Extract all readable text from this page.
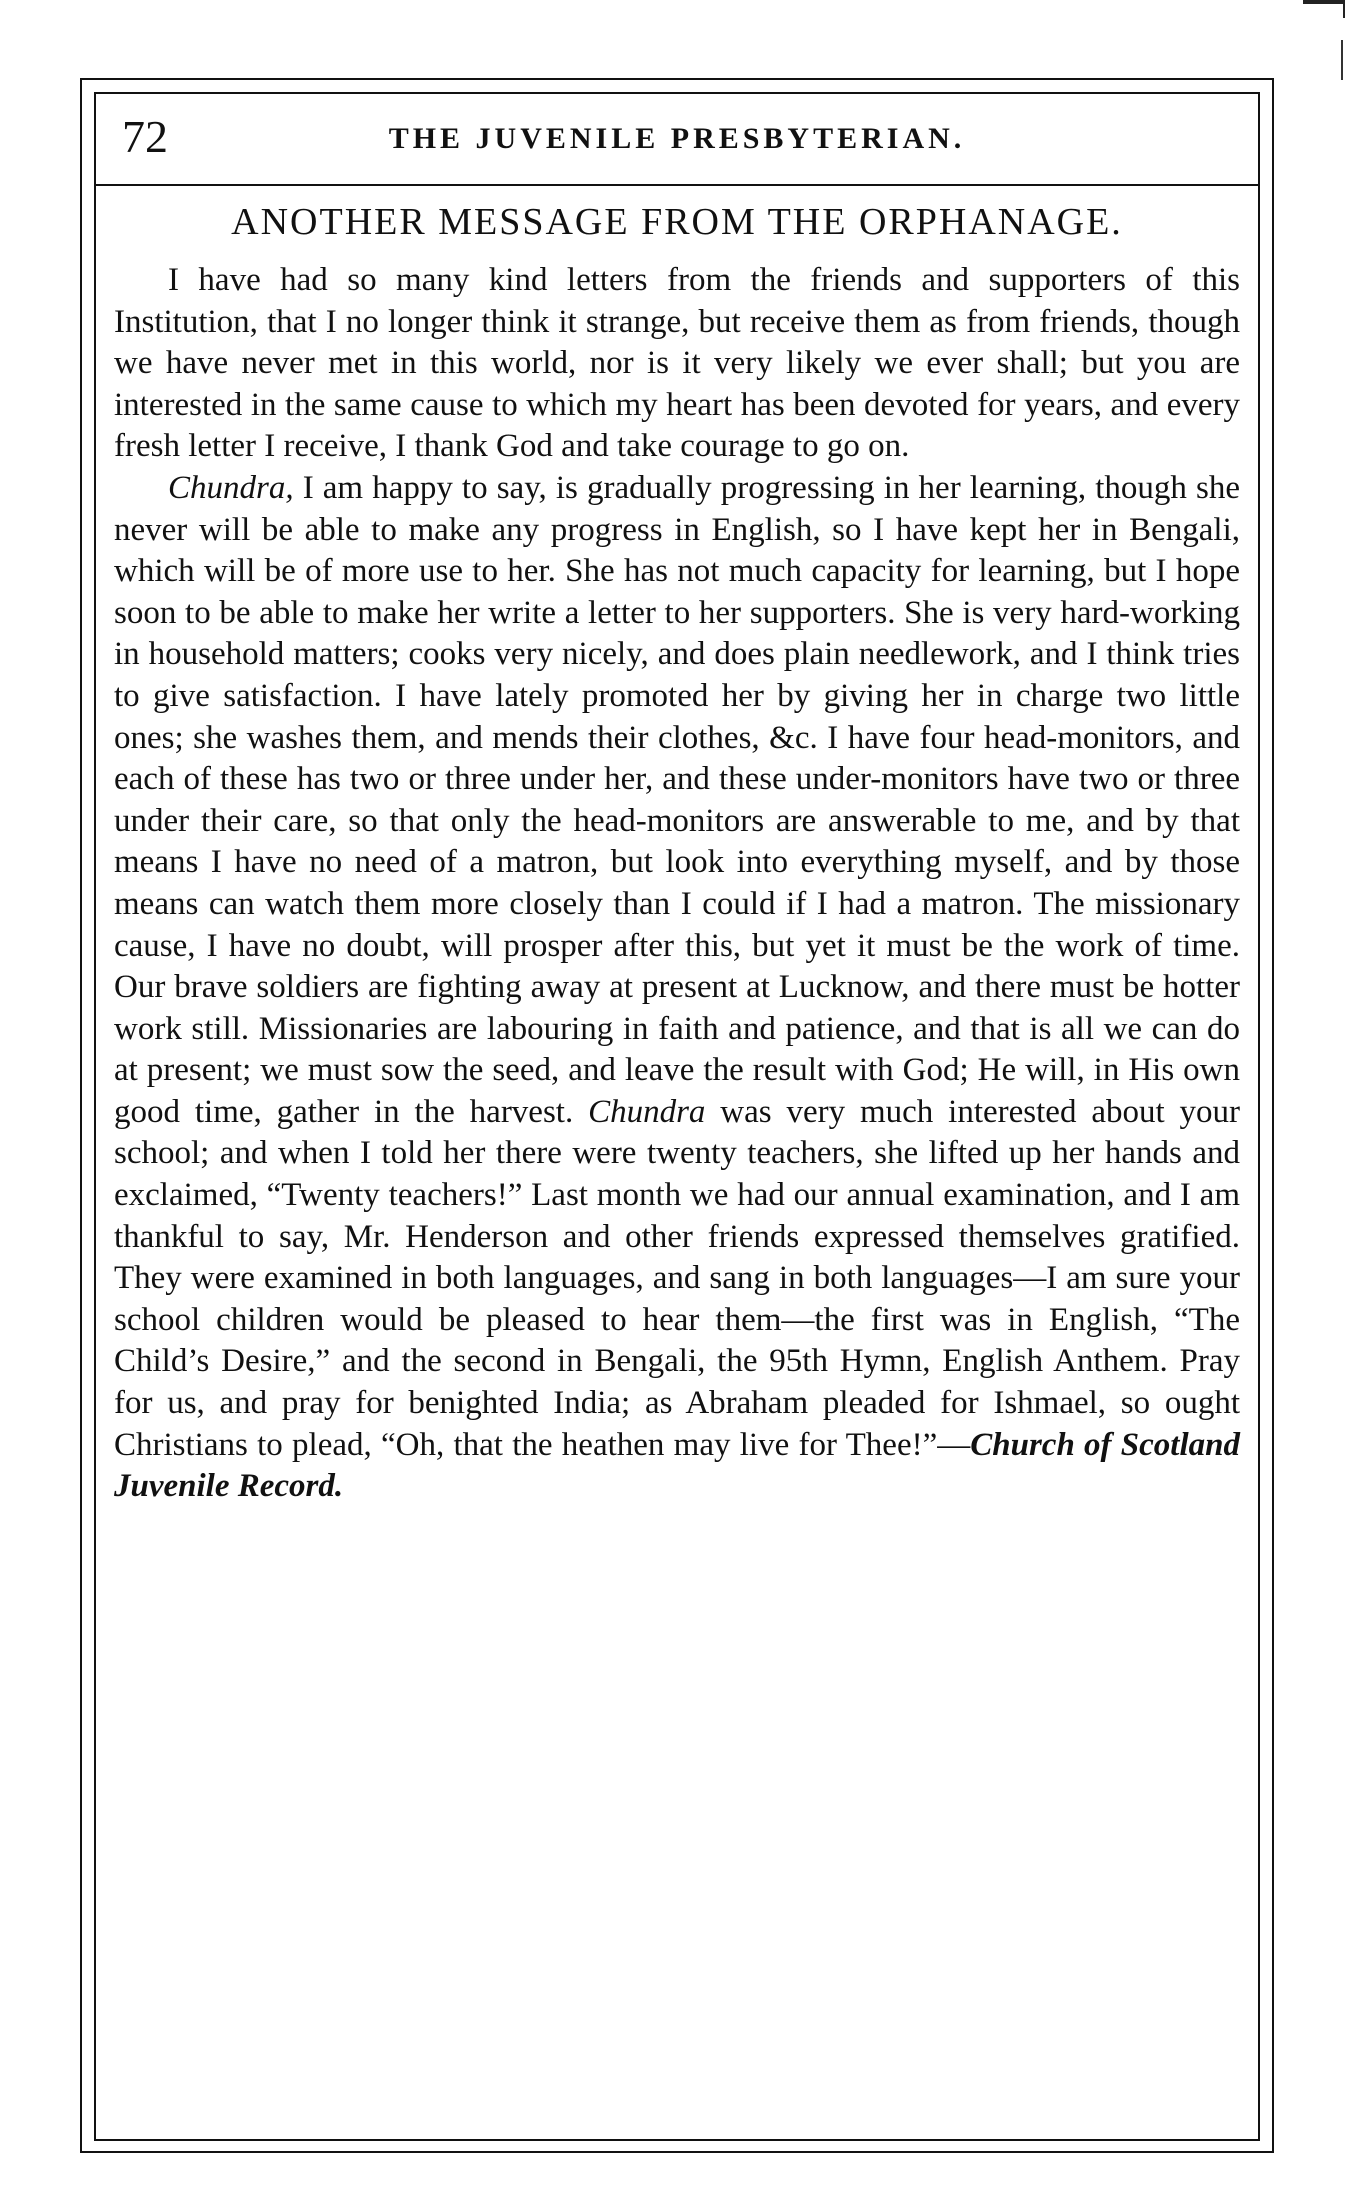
72	THE JUVENILE PRESBYTERIAN.
ANOTHER MESSAGE FROM THE ORPHANAGE.

I have had so many kind letters from the friends and supporters of this Institution, that I no longer think it strange, but receive them as from friends, though we have never met in this world, nor is it very likely we ever shall; but you are interested in the same cause to which my heart has been devoted for years, and every fresh letter I receive, I thank God and take courage to go on.

Chundra, I am happy to say, is gradually progressing in her learning, though she never will be able to make any progress in English, so I have kept her in Bengali, which will be of more use to her. She has not much capacity for learning, but I hope soon to be able to make her write a letter to her supporters. She is very hard-working in household matters; cooks very nicely, and does plain needlework, and I think tries to give satisfaction. I have lately promoted her by giving her in charge two little ones; she washes them, and mends their clothes, &c. I have four head-monitors, and each of these has two or three under her, and these under-monitors have two or three under their care, so that only the head-monitors are answerable to me, and by that means I have no need of a matron, but look into everything myself, and by those means can watch them more closely than I could if I had a matron. The missionary cause, I have no doubt, will prosper after this, but yet it must be the work of time. Our brave soldiers are fighting away at present at Lucknow, and there must be hotter work still. Missionaries are labouring in faith and patience, and that is all we can do at present; we must sow the seed, and leave the result with God; He will, in His own good time, gather in the harvest. Chundra was very much interested about your school; and when I told her there were twenty teachers, she lifted up her hands and exclaimed, “Twenty teachers!” Last month we had our annual examination, and I am thankful to say, Mr. Henderson and other friends expressed themselves gratified. They were examined in both languages, and sang in both languages—I am sure your school children would be pleased to hear them—the first was in English, “The Child’s Desire,” and the second in Bengali, the 95th Hymn, English Anthem. Pray for us, and pray for benighted India; as Abraham pleaded for Ishmael, so ought Christians to plead, “Oh, that the heathen may live for Thee!”—Church of Scotland Juvenile Record.
